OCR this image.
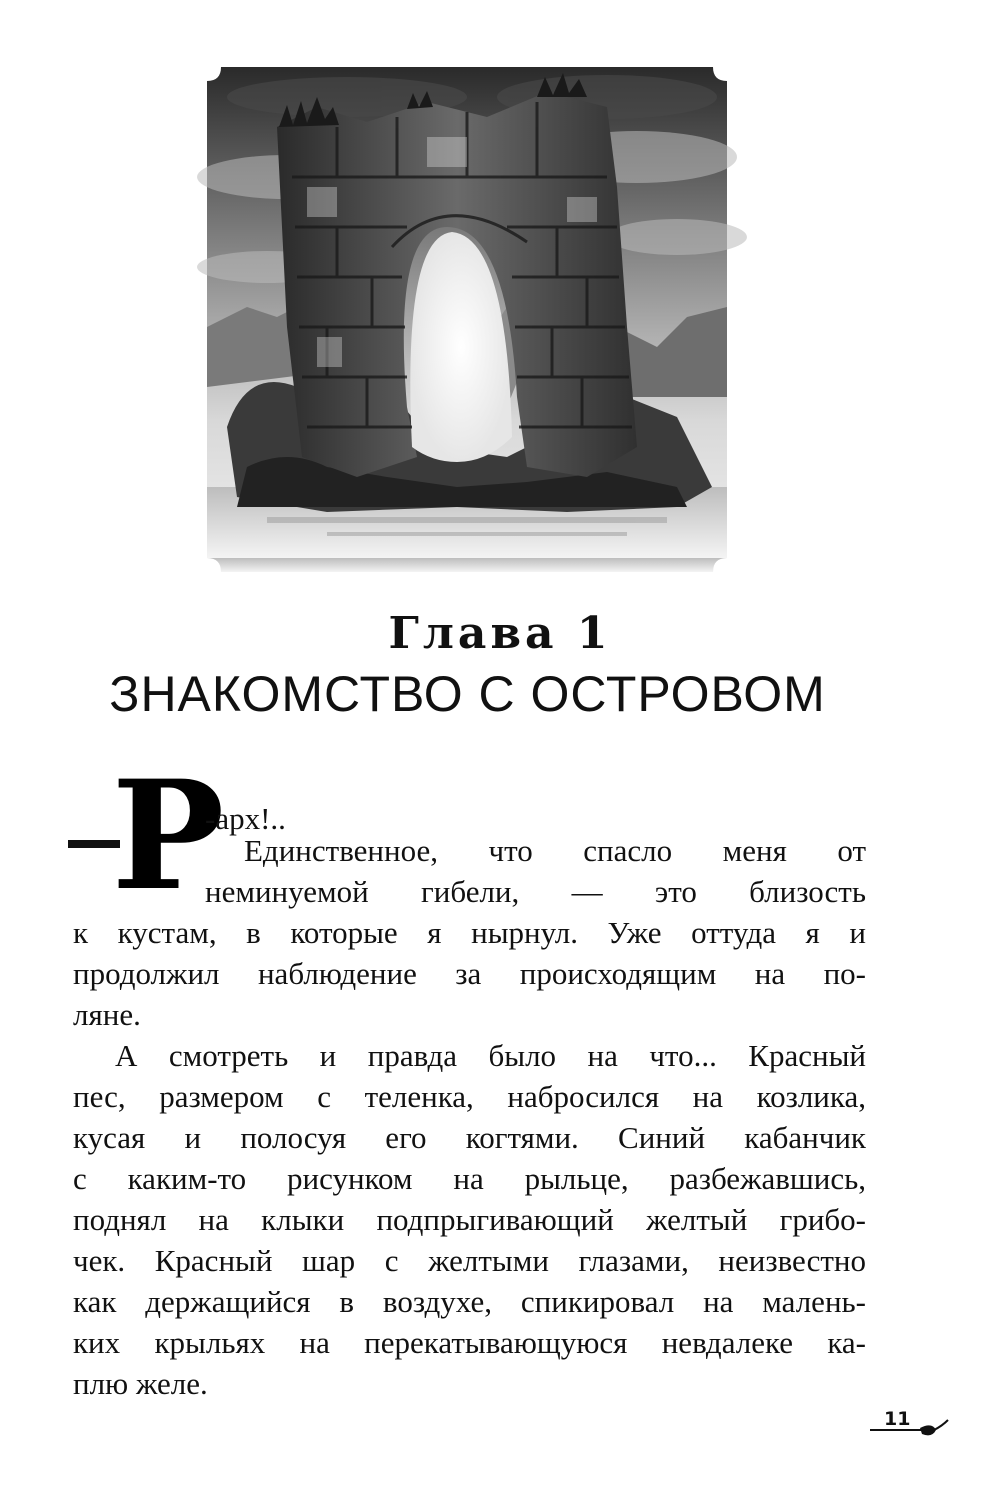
Глава 1
ЗНАКОМСТВО С ОСТРОВОМ
Р
-арх!..
Единственное, что спасло меня от
неминуемой гибели, — это близость
к кустам, в которые я нырнул. Уже оттуда я и
продолжил наблюдение за происходящим на по-
ляне.
А смотреть и правда было на что... Красный
пес, размером с теленка, набросился на козлика,
кусая и полосуя его когтями. Синий кабанчик
с каким-то рисунком на рыльце, разбежавшись,
поднял на клыки подпрыгивающий желтый грибо-
чек. Красный шар с желтыми глазами, неизвестно
как держащийся в воздухе, спикировал на малень-
ких крыльях на перекатывающуюся невдалеке ка-
плю желе.
11
